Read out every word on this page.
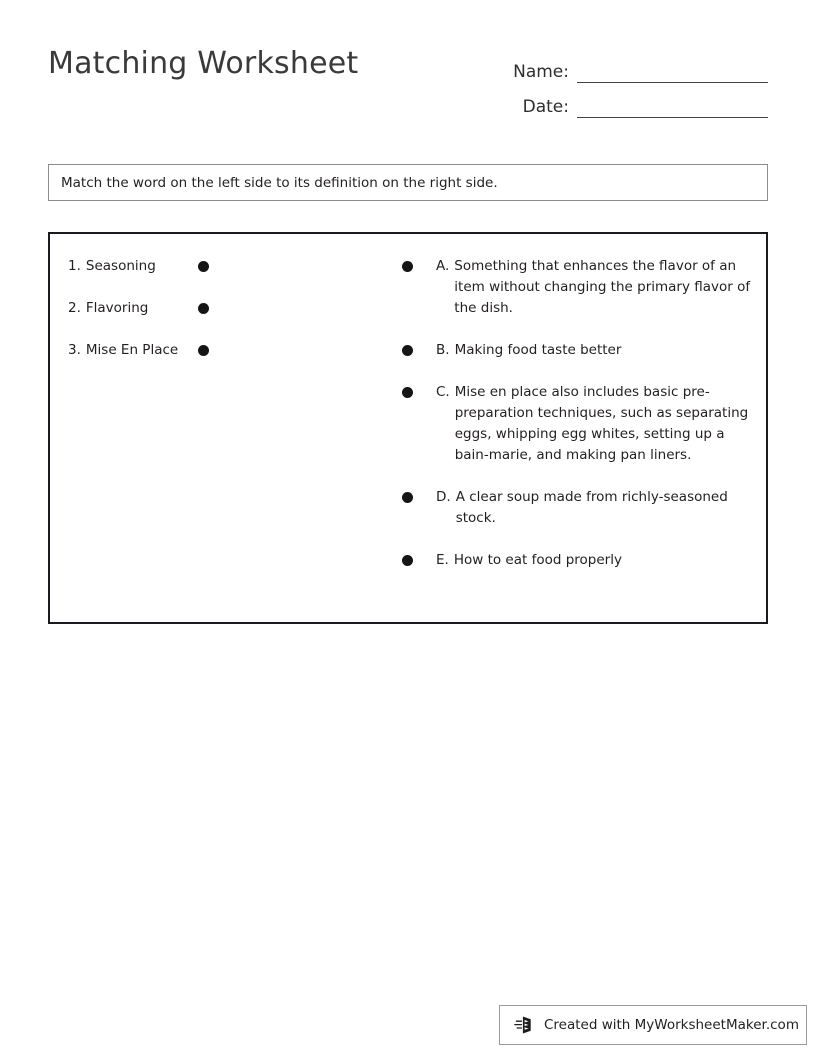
Matching Worksheet	Name:
Date:
Match the word on the left side to its definition on the right side.
1. Seasoning
2. Flavoring
3. Mise En Place
A. Something that enhances the flavor of an item without changing the primary flavor of the dish.
B. Making food taste better
C. Mise en place also includes basic pre-preparation techniques, such as separating eggs, whipping egg whites, setting up a bain-marie, and making pan liners.
D. A clear soup made from richly-seasoned stock.
E. How to eat food properly
Created with MyWorksheetMaker.com
